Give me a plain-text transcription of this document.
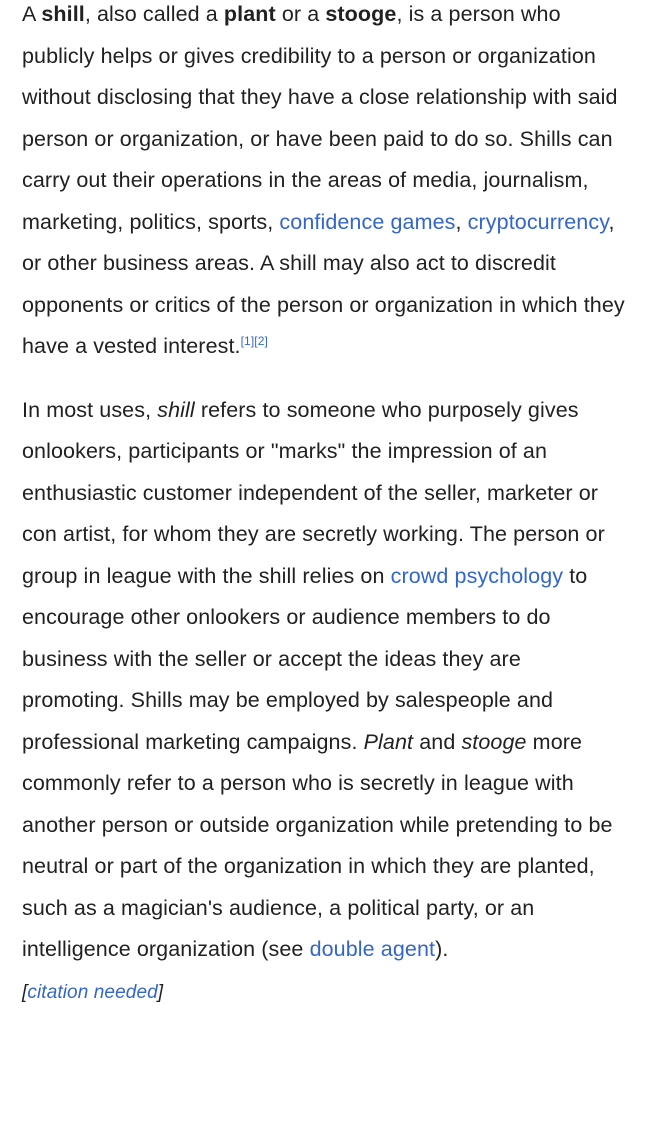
A shill, also called a plant or a stooge, is a person who publicly helps or gives credibility to a person or organization without disclosing that they have a close relationship with said person or organization, or have been paid to do so. Shills can carry out their operations in the areas of media, journalism, marketing, politics, sports, confidence games, cryptocurrency, or other business areas. A shill may also act to discredit opponents or critics of the person or organization in which they have a vested interest.[1][2]

In most uses, shill refers to someone who purposely gives onlookers, participants or "marks" the impression of an enthusiastic customer independent of the seller, marketer or con artist, for whom they are secretly working. The person or group in league with the shill relies on crowd psychology to encourage other onlookers or audience members to do business with the seller or accept the ideas they are promoting. Shills may be employed by salespeople and professional marketing campaigns. Plant and stooge more commonly refer to a person who is secretly in league with another person or outside organization while pretending to be neutral or part of the organization in which they are planted, such as a magician's audience, a political party, or an intelligence organization (see double agent).
[citation needed]
